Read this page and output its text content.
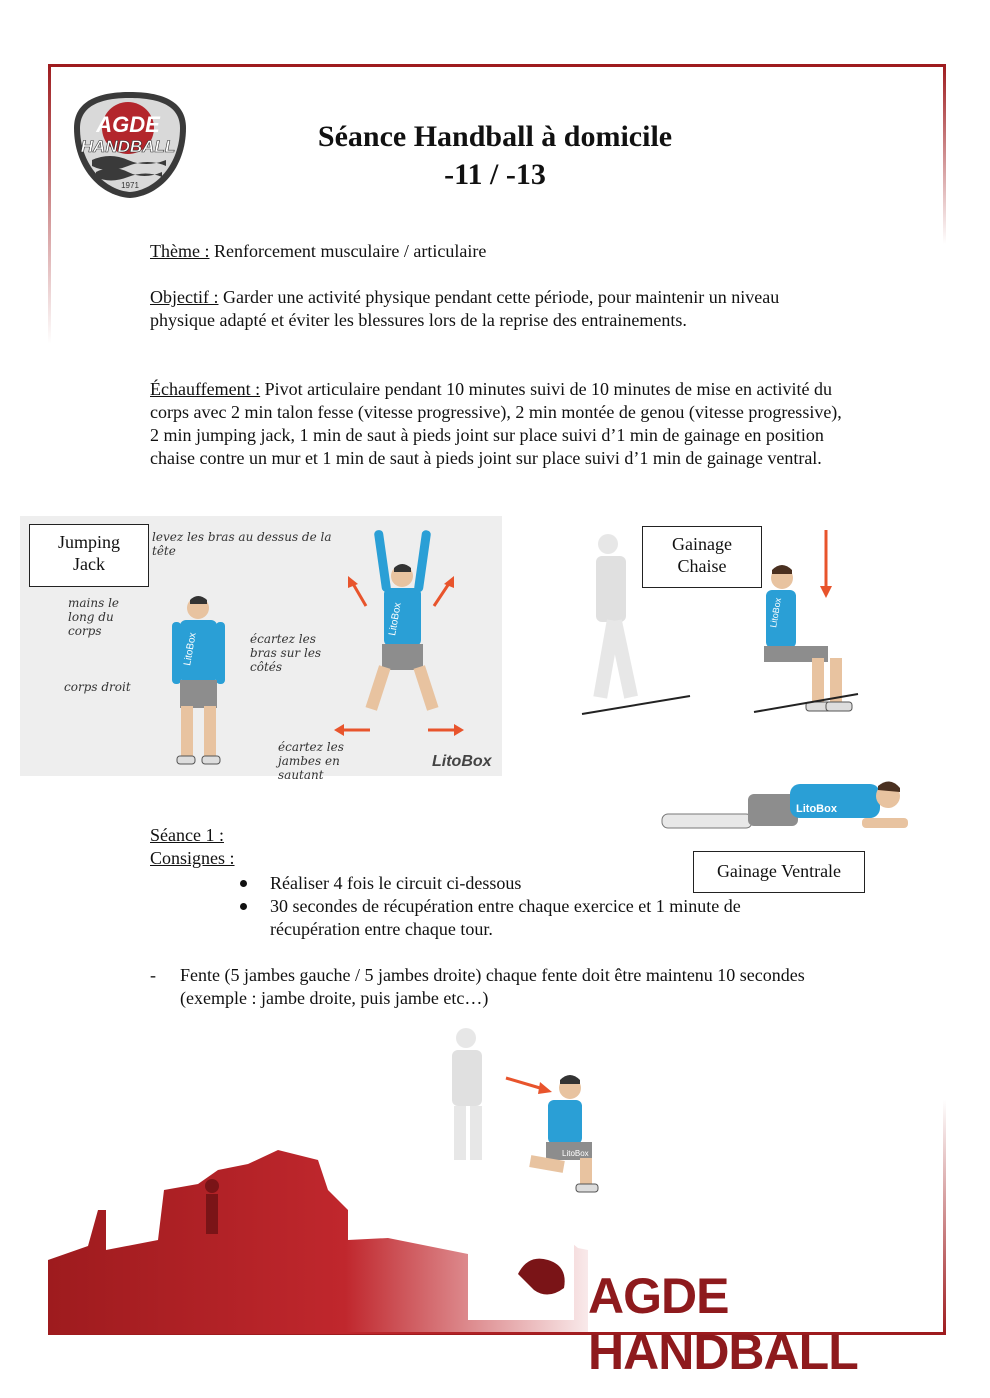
AGDE
HANDBALL
1971
Séance Handball à domicile
-11 / -13
Thème : Renforcement musculaire / articulaire
Objectif : Garder une activité physique pendant cette période, pour maintenir un niveau physique adapté et éviter les blessures lors de la reprise des entrainements.
Échauffement : Pivot articulaire pendant 10 minutes suivi de 10 minutes de mise en activité du corps avec 2 min talon fesse (vitesse progressive), 2 min montée de genou (vitesse progressive), 2 min jumping jack, 1 min de saut à pieds joint sur place suivi d’1 min de gainage en position chaise contre un mur et 1 min de saut à pieds joint sur place suivi d’1 min de gainage ventral.
LitoBox
LitoBox
LitoBox
Jumping
Jack
levez les bras au dessus de la tête
mains le long du corps
corps droit
écartez les bras sur les côtés
écartez les jambes en sautant
LitoBox
Gainage
Chaise
LitoBox
Gainage Ventrale
Séance 1 :
Consignes :
Réaliser 4 fois le circuit ci-dessous
30 secondes de récupération entre chaque exercice et 1 minute de récupération entre chaque tour.
- Fente (5 jambes gauche / 5 jambes droite) chaque fente doit être maintenu 10 secondes (exemple : jambe droite, puis jambe etc…)
LitoBox
AGDE HANDBALL
